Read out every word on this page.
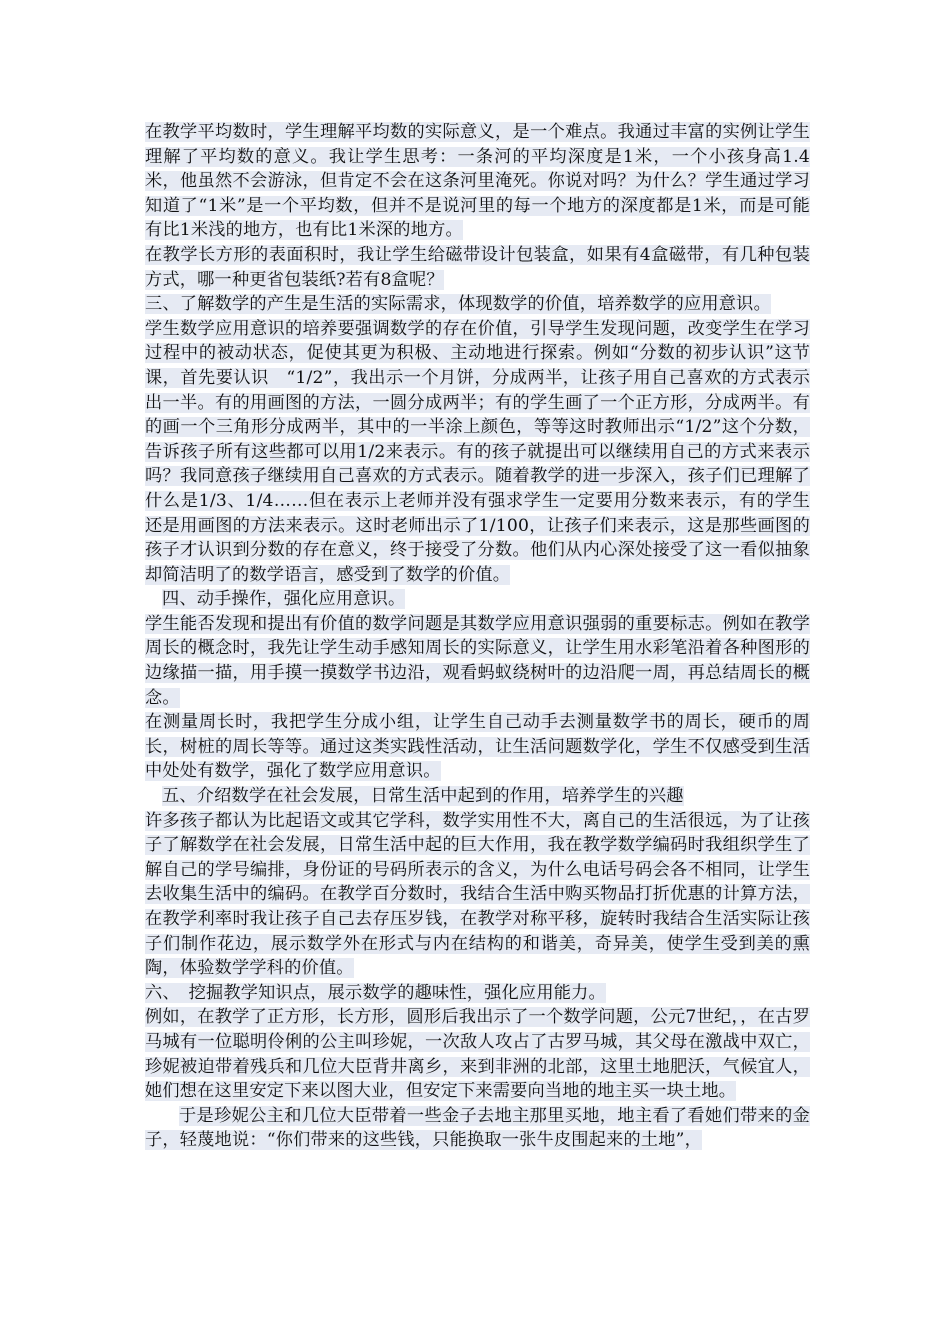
在教学平均数时，学生理解平均数的实际意义，是一个难点。我通过丰富的实例让学生理解了平均数的意义。我让学生思考：一条河的平均深度是1米，一个小孩身高1.4米，他虽然不会游泳，但肯定不会在这条河里淹死。你说对吗？为什么？学生通过学习知道了“1米”是一个平均数，但并不是说河里的每一个地方的深度都是1米，而是可能有比1米浅的地方，也有比1米深的地方。

在教学长方形的表面积时，我让学生给磁带设计包装盒，如果有4盒磁带，有几种包装方式，哪一种更省包装纸?若有8盒呢？

三、了解数学的产生是生活的实际需求，体现数学的价值，培养数学的应用意识。

学生数学应用意识的培养要强调数学的存在价值，引导学生发现问题，改变学生在学习过程中的被动状态，促使其更为积极、主动地进行探索。例如“分数的初步认识”这节课，首先要认识　“1/2”，我出示一个月饼，分成两半，让孩子用自己喜欢的方式表示出一半。有的用画图的方法，一圆分成两半；有的学生画了一个正方形，分成两半。有的画一个三角形分成两半，其中的一半涂上颜色，等等这时教师出示“1/2”这个分数，告诉孩子所有这些都可以用1/2来表示。有的孩子就提出可以继续用自己的方式来表示吗？我同意孩子继续用自己喜欢的方式表示。随着教学的进一步深入，孩子们已理解了什么是1/3、1/4……但在表示上老师并没有强求学生一定要用分数来表示，有的学生还是用画图的方法来表示。这时老师出示了1/100，让孩子们来表示，这是那些画图的孩子才认识到分数的存在意义，终于接受了分数。他们从内心深处接受了这一看似抽象却简洁明了的数学语言，感受到了数学的价值。

四、动手操作，强化应用意识。

学生能否发现和提出有价值的数学问题是其数学应用意识强弱的重要标志。例如在教学周长的概念时，我先让学生动手感知周长的实际意义，让学生用水彩笔沿着各种图形的边缘描一描，用手摸一摸数学书边沿，观看蚂蚁绕树叶的边沿爬一周，再总结周长的概念。

在测量周长时，我把学生分成小组，让学生自己动手去测量数学书的周长，硬币的周长，树桩的周长等等。通过这类实践性活动，让生活问题数学化，学生不仅感受到生活中处处有数学，强化了数学应用意识。

五、介绍数学在社会发展，日常生活中起到的作用，培养学生的兴趣

许多孩子都认为比起语文或其它学科，数学实用性不大，离自己的生活很远，为了让孩子了解数学在社会发展，日常生活中起的巨大作用，我在教学数学编码时我组织学生了解自己的学号编排，身份证的号码所表示的含义，为什么电话号码会各不相同，让学生去收集生活中的编码。在教学百分数时，我结合生活中购买物品打折优惠的计算方法，在教学利率时我让孩子自己去存压岁钱，在教学对称平移，旋转时我结合生活实际让孩子们制作花边，展示数学外在形式与内在结构的和谐美，奇异美，使学生受到美的熏陶，体验数学学科的价值。

六、　挖掘教学知识点，展示数学的趣味性，强化应用能力。

例如，在教学了正方形，长方形，圆形后我出示了一个数学问题，公元7世纪，，在古罗马城有一位聪明伶俐的公主叫珍妮，一次敌人攻占了古罗马城，其父母在激战中双亡，珍妮被迫带着残兵和几位大臣背井离乡，来到非洲的北部，这里土地肥沃，气候宜人，她们想在这里安定下来以图大业，但安定下来需要向当地的地主买一块土地。

于是珍妮公主和几位大臣带着一些金子去地主那里买地，地主看了看她们带来的金子，轻蔑地说：“你们带来的这些钱，只能换取一张牛皮围起来的土地”，
